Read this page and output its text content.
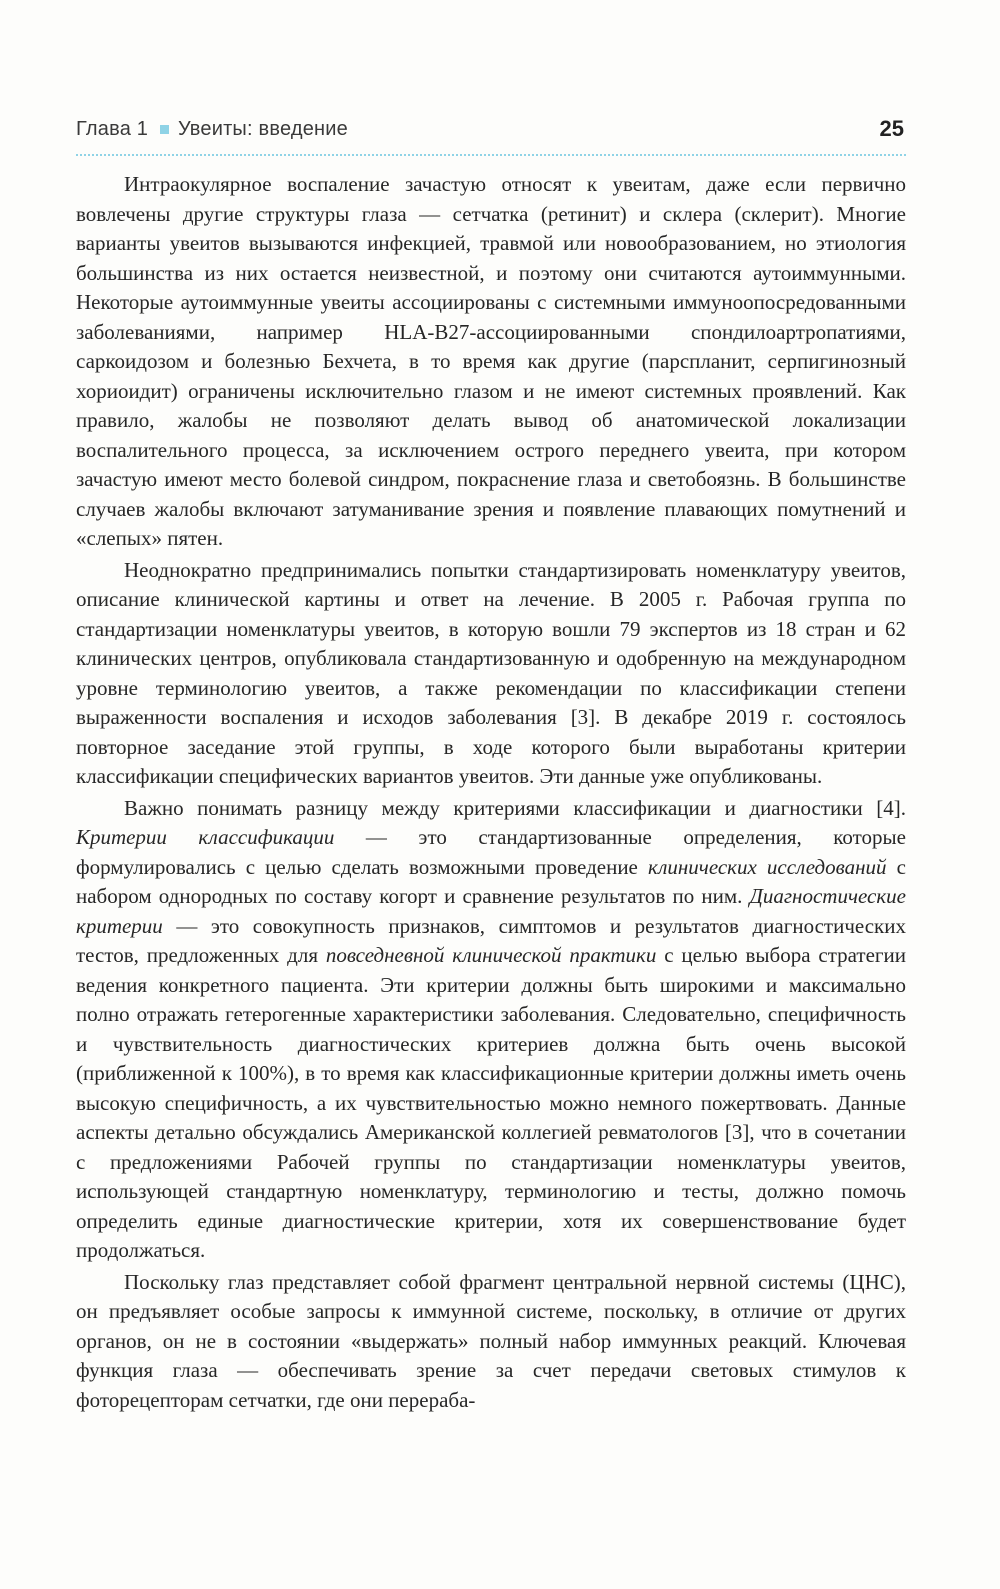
Глава 1 Увеиты: введение	25

Интраокулярное воспаление зачастую относят к увеитам, даже если первично вовлечены другие структуры глаза — сетчатка (ретинит) и склера (склерит). Многие варианты увеитов вызываются инфекцией, травмой или новообразованием, но этиология большинства из них остается неизвестной, и поэтому они считаются аутоиммунными. Некоторые аутоиммунные увеиты ассоциированы с системными иммуноопосредованными заболеваниями, например HLA-B27-ассоциированными спондилоартропатиями, саркоидозом и болезнью Бехчета, в то время как другие (парспланит, серпигинозный хориоидит) ограничены исключительно глазом и не имеют системных проявлений. Как правило, жалобы не позволяют делать вывод об анатомической локализации воспалительного процесса, за исключением острого переднего увеита, при котором зачастую имеют место болевой синдром, покраснение глаза и светобоязнь. В большинстве случаев жалобы включают затуманивание зрения и появление плавающих помутнений и «слепых» пятен.

Неоднократно предпринимались попытки стандартизировать номенклатуру увеитов, описание клинической картины и ответ на лечение. В 2005 г. Рабочая группа по стандартизации номенклатуры увеитов, в которую вошли 79 экспертов из 18 стран и 62 клинических центров, опубликовала стандартизованную и одобренную на международном уровне терминологию увеитов, а также рекомендации по классификации степени выраженности воспаления и исходов заболевания [3]. В декабре 2019 г. состоялось повторное заседание этой группы, в ходе которого были выработаны критерии классификации специфических вариантов увеитов. Эти данные уже опубликованы.

Важно понимать разницу между критериями классификации и диагностики [4]. Критерии классификации — это стандартизованные определения, которые формулировались с целью сделать возможными проведение клинических исследований с набором однородных по составу когорт и сравнение результатов по ним. Диагностические критерии — это совокупность признаков, симптомов и результатов диагностических тестов, предложенных для повседневной клинической практики с целью выбора стратегии ведения конкретного пациента. Эти критерии должны быть широкими и максимально полно отражать гетерогенные характеристики заболевания. Следовательно, специфичность и чувствительность диагностических критериев должна быть очень высокой (приближенной к 100%), в то время как классификационные критерии должны иметь очень высокую специфичность, а их чувствительностью можно немного пожертвовать. Данные аспекты детально обсуждались Американской коллегией ревматологов [3], что в сочетании с предложениями Рабочей группы по стандартизации номенклатуры увеитов, использующей стандартную номенклатуру, терминологию и тесты, должно помочь определить единые диагностические критерии, хотя их совершенствование будет продолжаться.

Поскольку глаз представляет собой фрагмент центральной нервной системы (ЦНС), он предъявляет особые запросы к иммунной системе, поскольку, в отличие от других органов, он не в состоянии «выдержать» полный набор иммунных реакций. Ключевая функция глаза — обеспечивать зрение за счет передачи световых стимулов к фоторецепторам сетчатки, где они перераба-
